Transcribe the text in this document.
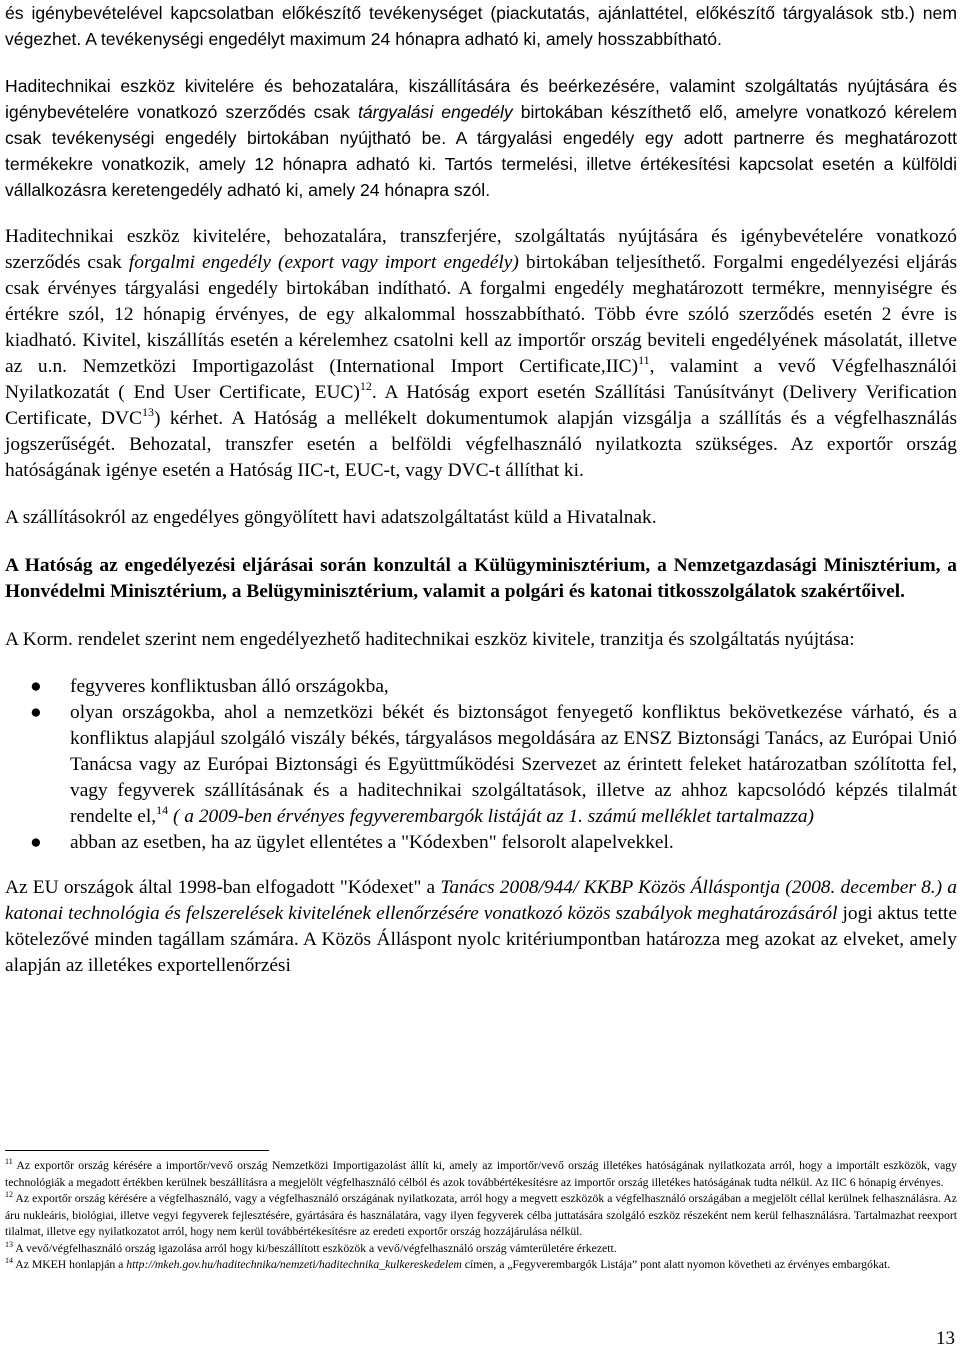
és igénybevételével kapcsolatban előkészítő tevékenységet (piackutatás, ajánlattétel, előkészítő tárgyalások stb.) nem végezhet. A tevékenységi engedélyt maximum 24 hónapra adható ki, amely hosszabbítható.

Haditechnikai eszköz kivitelére és behozatalára, kiszállítására és beérkezésére, valamint szolgáltatás nyújtására és igénybevételére vonatkozó szerződés csak tárgyalási engedély birtokában készíthető elő, amelyre vonatkozó kérelem csak tevékenységi engedély birtokában nyújtható be. A tárgyalási engedély egy adott partnerre és meghatározott termékekre vonatkozik, amely 12 hónapra adható ki. Tartós termelési, illetve értékesítési kapcsolat esetén a külföldi vállalkozásra keretengedély adható ki, amely 24 hónapra szól.

Haditechnikai eszköz kivitelére, behozatalára, transzferjére, szolgáltatás nyújtására és igénybevételére vonatkozó szerződés csak forgalmi engedély (export vagy import engedély) birtokában teljesíthető. Forgalmi engedélyezési eljárás csak érvényes tárgyalási engedély birtokában indítható. A forgalmi engedély meghatározott termékre, mennyiségre és értékre szól, 12 hónapig érvényes, de egy alkalommal hosszabbítható. Több évre szóló szerződés esetén 2 évre is kiadható. Kivitel, kiszállítás esetén a kérelemhez csatolni kell az importőr ország beviteli engedélyének másolatát, illetve az u.n. Nemzetközi Importigazolást (International Import Certificate,IIC)$^{11}$, valamint a vevő Végfelhasználói Nyilatkozatát ( End User Certificate, EUC)$^{12}$. A Hatóság export esetén Szállítási Tanúsítványt (Delivery Verification Certificate, DVC$^{13}$) kérhet. A Hatóság a mellékelt dokumentumok alapján vizsgálja a szállítás és a végfelhasználás jogszerűségét. Behozatal, transzfer esetén a belföldi végfelhasználó nyilatkozta szükséges. Az exportőr ország hatóságának igénye esetén a Hatóság IIC-t, EUC-t, vagy DVC-t állíthat ki.

A szállításokról az engedélyes göngyölített havi adatszolgáltatást küld a Hivatalnak.

A Hatóság az engedélyezési eljárásai során konzultál a Külügyminisztérium, a Nemzetgazdasági Minisztérium, a Honvédelmi Minisztérium, a Belügyminisztérium, valamit a polgári és katonai titkosszolgálatok szakértőivel.

A Korm. rendelet szerint nem engedélyezhető haditechnikai eszköz kivitele, tranzitja és szolgáltatás nyújtása:

● fegyveres konfliktusban álló országokba,
● olyan országokba, ahol a nemzetközi békét és biztonságot fenyegető konfliktus bekövetkezése várható, és a konfliktus alapjául szolgáló viszály békés, tárgyalásos megoldására az ENSZ Biztonsági Tanács, az Európai Unió Tanácsa vagy az Európai Biztonsági és Együttműködési Szervezet az érintett feleket határozatban szólította fel, vagy fegyverek szállításának és a haditechnikai szolgáltatások, illetve az ahhoz kapcsolódó képzés tilalmát rendelte el,$^{14}$ ( a 2009-ben érvényes fegyverembargók listáját az 1. számú melléklet tartalmazza)
● abban az esetben, ha az ügylet ellentétes a "Kódexben" felsorolt alapelvekkel.

Az EU országok által 1998-ban elfogadott "Kódexet" a Tanács 2008/944/ KKBP Közös Álláspontja (2008. december 8.) a katonai technológia és felszerelések kivitelének ellenőrzésére vonatkozó közös szabályok meghatározásáról jogi aktus tette kötelezővé minden tagállam számára. A Közös Álláspont nyolc kritériumpontban határozza meg azokat az elveket, amely alapján az illetékes exportellenőrzési

$^{11}$ Az exportőr ország kérésére a importőr/vevő ország Nemzetközi Importigazolást állít ki, amely az importőr/vevő ország illetékes hatóságának nyilatkozata arról, hogy a importált eszközök, vagy technológiák a megadott értékben kerülnek beszállításra a megjelölt végfelhasználó célból és azok továbbértékesítésre az importőr ország illetékes hatóságának tudta nélkül. Az IIC 6 hónapig érvényes.

$^{12}$ Az exportőr ország kérésére a végfelhasználó, vagy a végfelhasználó országának nyilatkozata, arról hogy a megvett eszközök a végfelhasználó országában a megjelölt céllal kerülnek felhasználásra. Az áru nukleáris, biológiai, illetve vegyi fegyverek fejlesztésére, gyártására és használatára, vagy ilyen fegyverek célba juttatására szolgáló eszköz részeként nem kerül felhasználásra. Tartalmazhat reexport tilalmat, illetve egy nyilatkozatot arról, hogy nem kerül továbbértékesítésre az eredeti exportőr ország hozzájárulása nélkül.

$^{13}$ A vevő/végfelhasználó ország igazolása arról hogy ki/beszállított eszközök a vevő/végfelhasználó ország vámterületére érkezett.

$^{14}$ Az MKEH honlapján a http://mkeh.gov.hu/haditechnika/nemzeti/haditechnika_kulkereskedelem címen, a „Fegyverembargók Listája” pont alatt nyomon követheti az érvényes embargókat.

13
